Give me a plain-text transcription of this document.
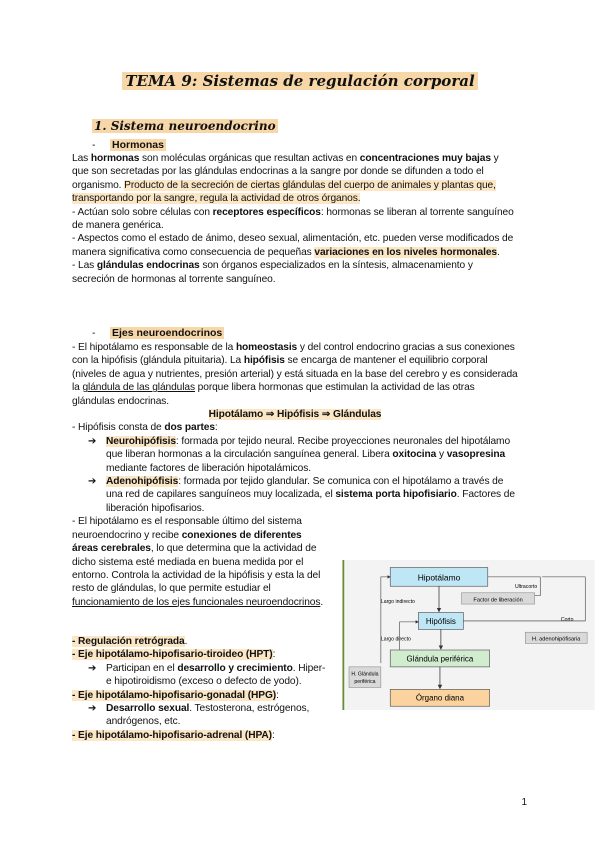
TEMA 9: Sistemas de regulación corporal
1. Sistema neuroendocrino
- Hormonas

Las hormonas son moléculas orgánicas que resultan activas en concentraciones muy bajas y que son secretadas por las glándulas endocrinas a la sangre por donde se difunden a todo el organismo. Producto de la secreción de ciertas glándulas del cuerpo de animales y plantas que, transportando por la sangre, regula la actividad de otros órganos.

- Actúan solo sobre células con receptores específicos: hormonas se liberan al torrente sanguíneo de manera genérica.

- Aspectos como el estado de ánimo, deseo sexual, alimentación, etc. pueden verse modificados de manera significativa como consecuencia de pequeñas variaciones en los niveles hormonales.

- Las glándulas endocrinas son órganos especializados en la síntesis, almacenamiento y secreción de hormonas al torrente sanguíneo.

- Ejes neuroendocrinos

- El hipotálamo es responsable de la homeostasis y del control endocrino gracias a sus conexiones con la hipófisis (glándula pituitaria). La hipófisis se encarga de mantener el equilibrio corporal (niveles de agua y nutrientes, presión arterial) y está situada en la base del cerebro y es considerada la glándula de las glándulas porque libera hormonas que estimulan la actividad de las otras glándulas endocrinas.

Hipotálamo ⇒ Hipófisis ⇒ Glándulas

- Hipófisis consta de dos partes:

➔ Neurohipófisis: formada por tejido neural. Recibe proyecciones neuronales del hipotálamo que liberan hormonas a la circulación sanguínea general. Libera oxitocina y vasopresina mediante factores de liberación hipotalámicos.

➔ Adenohipófisis: formada por tejido glandular. Se comunica con el hipotálamo a través de una red de capilares sanguíneos muy localizada, el sistema porta hipofisiario. Factores de liberación hipofisarios.

- El hipotálamo es el responsable último del sistema neuroendocrino y recibe conexiones de diferentes áreas cerebrales, lo que determina que la actividad de dicho sistema esté mediada en buena medida por el entorno. Controla la actividad de la hipófisis y esta la del resto de glándulas, lo que permite estudiar el funcionamiento de los ejes funcionales neuroendocrinos.

- Regulación retrógrada.

- Eje hipotálamo-hipofisario-tiroideo (HPT):

➔ Participan en el desarrollo y crecimiento. Hiper- e hipotiroidismo (exceso o defecto de yodo).

- Eje hipotálamo-hipofisario-gonadal (HPG):

➔ Desarrollo sexual. Testosterona, estrógenos, andrógenos, etc.

- Eje hipotálamo-hipofisario-adrenal (HPA):

Hipotálamo
Ultracorto
Factor de liberación
Largo indirecto
Hipófisis	Corto
H. adenohipófisaria
Largo directo
Glándula periférica
H. Glándula
periférica
Órgano diana
1
